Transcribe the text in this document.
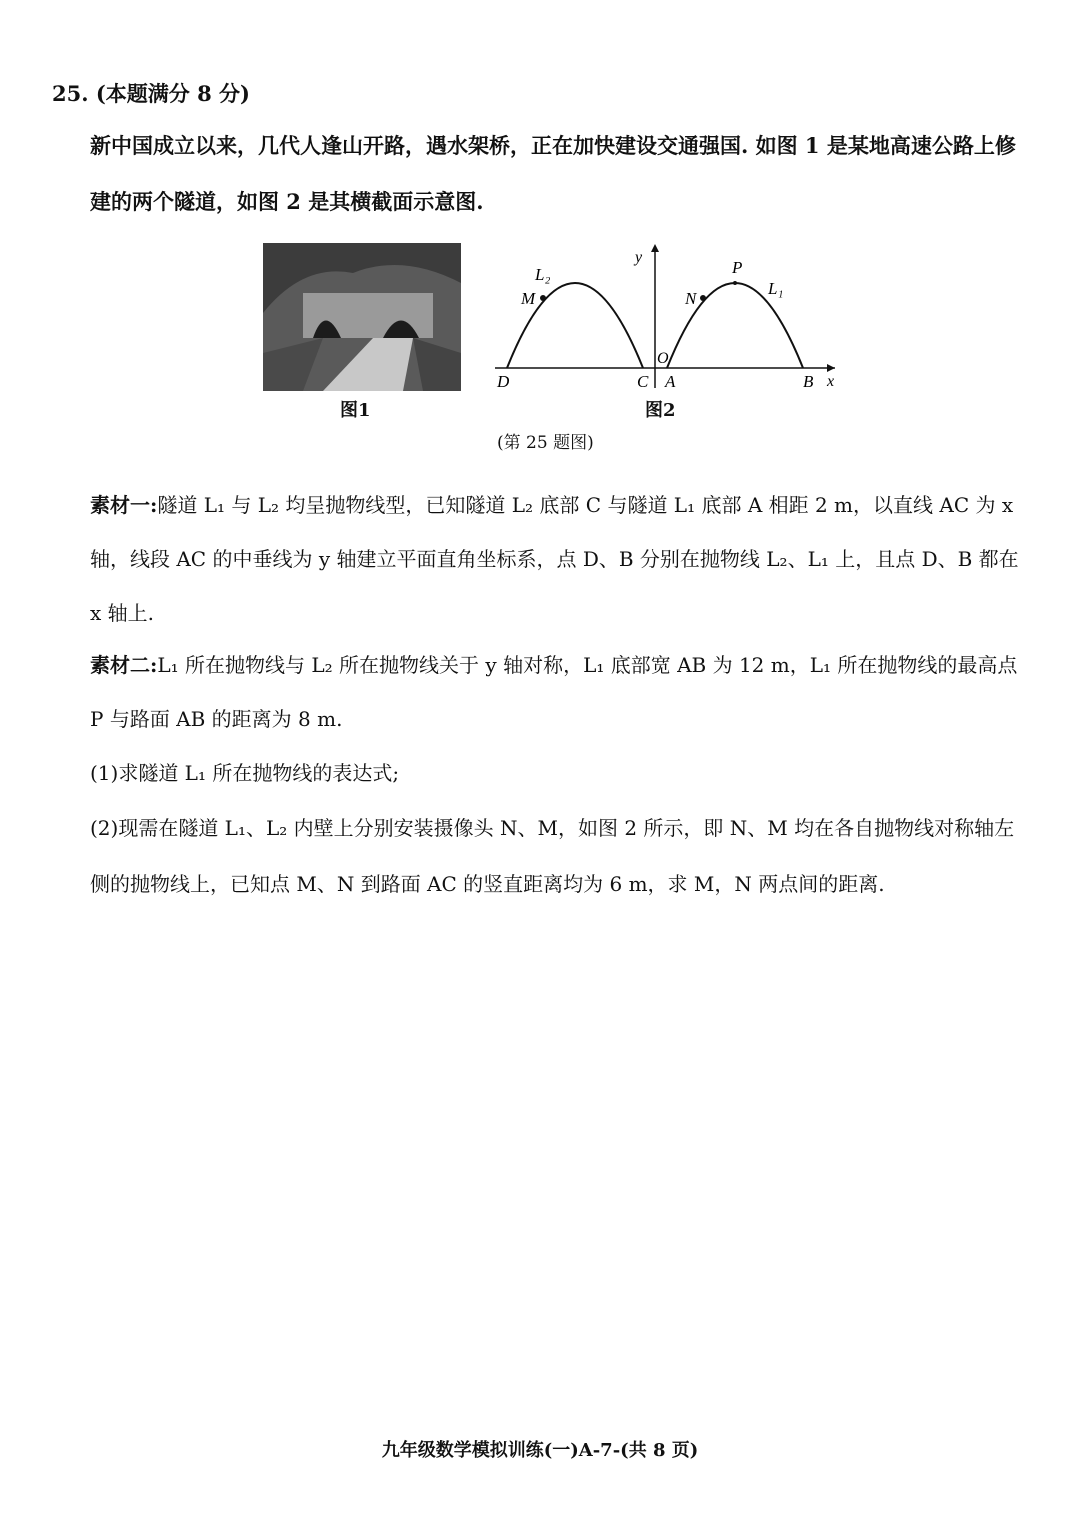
25. (本题满分 8 分)
新中国成立以来，几代人逢山开路，遇水架桥，正在加快建设交通强国. 如图 1 是某地高速公路上修建的两个隧道，如图 2 是其横截面示意图.
图1
y
x
L₂
L₁
P
N
M
O
D	C A	B
图2
(第 25 题图)
素材一:隧道 L₁ 与 L₂ 均呈抛物线型，已知隧道 L₂ 底部 C 与隧道 L₁ 底部 A 相距 2 m，以直线 AC 为 x 轴，线段 AC 的中垂线为 y 轴建立平面直角坐标系，点 D、B 分别在抛物线 L₂、L₁ 上，且点 D、B 都在 x 轴上.
素材二:L₁ 所在抛物线与 L₂ 所在抛物线关于 y 轴对称，L₁ 底部宽 AB 为 12 m，L₁ 所在抛物线的最高点 P 与路面 AB 的距离为 8 m.
(1)求隧道 L₁ 所在抛物线的表达式;
(2)现需在隧道 L₁、L₂ 内壁上分别安装摄像头 N、M，如图 2 所示，即 N、M 均在各自抛物线对称轴左侧的抛物线上，已知点 M、N 到路面 AC 的竖直距离均为 6 m，求 M，N 两点间的距离.
九年级数学模拟训练(一)A-7-(共 8 页)
